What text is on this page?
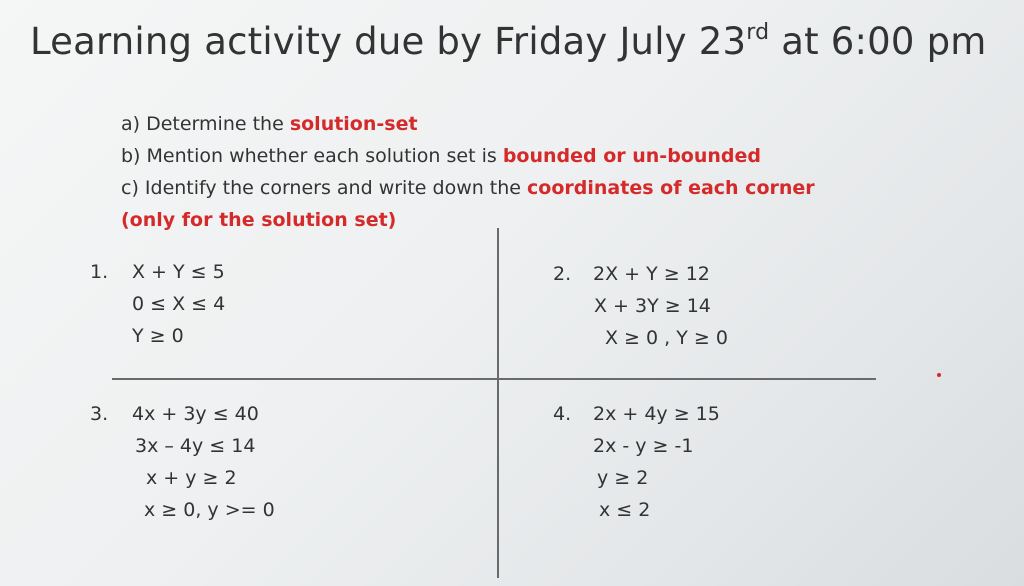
Learning activity due by Friday July 23rd at 6:00 pm
a) Determine the solution-set
b) Mention whether each solution set is bounded or un-bounded
c) Identify the corners and write down the coordinates of each corner
(only for the solution set)
1. X + Y ≤ 5
0 ≤ X ≤ 4
Y ≥ 0
2. 2X + Y ≥ 12
X + 3Y ≥ 14
X ≥ 0 , Y ≥ 0
3. 4x + 3y ≤ 40
3x – 4y ≤ 14
x + y ≥ 2
x ≥ 0, y >= 0
4. 2x + 4y ≥ 15
2x - y ≥ -1
y ≥ 2
x ≤ 2
